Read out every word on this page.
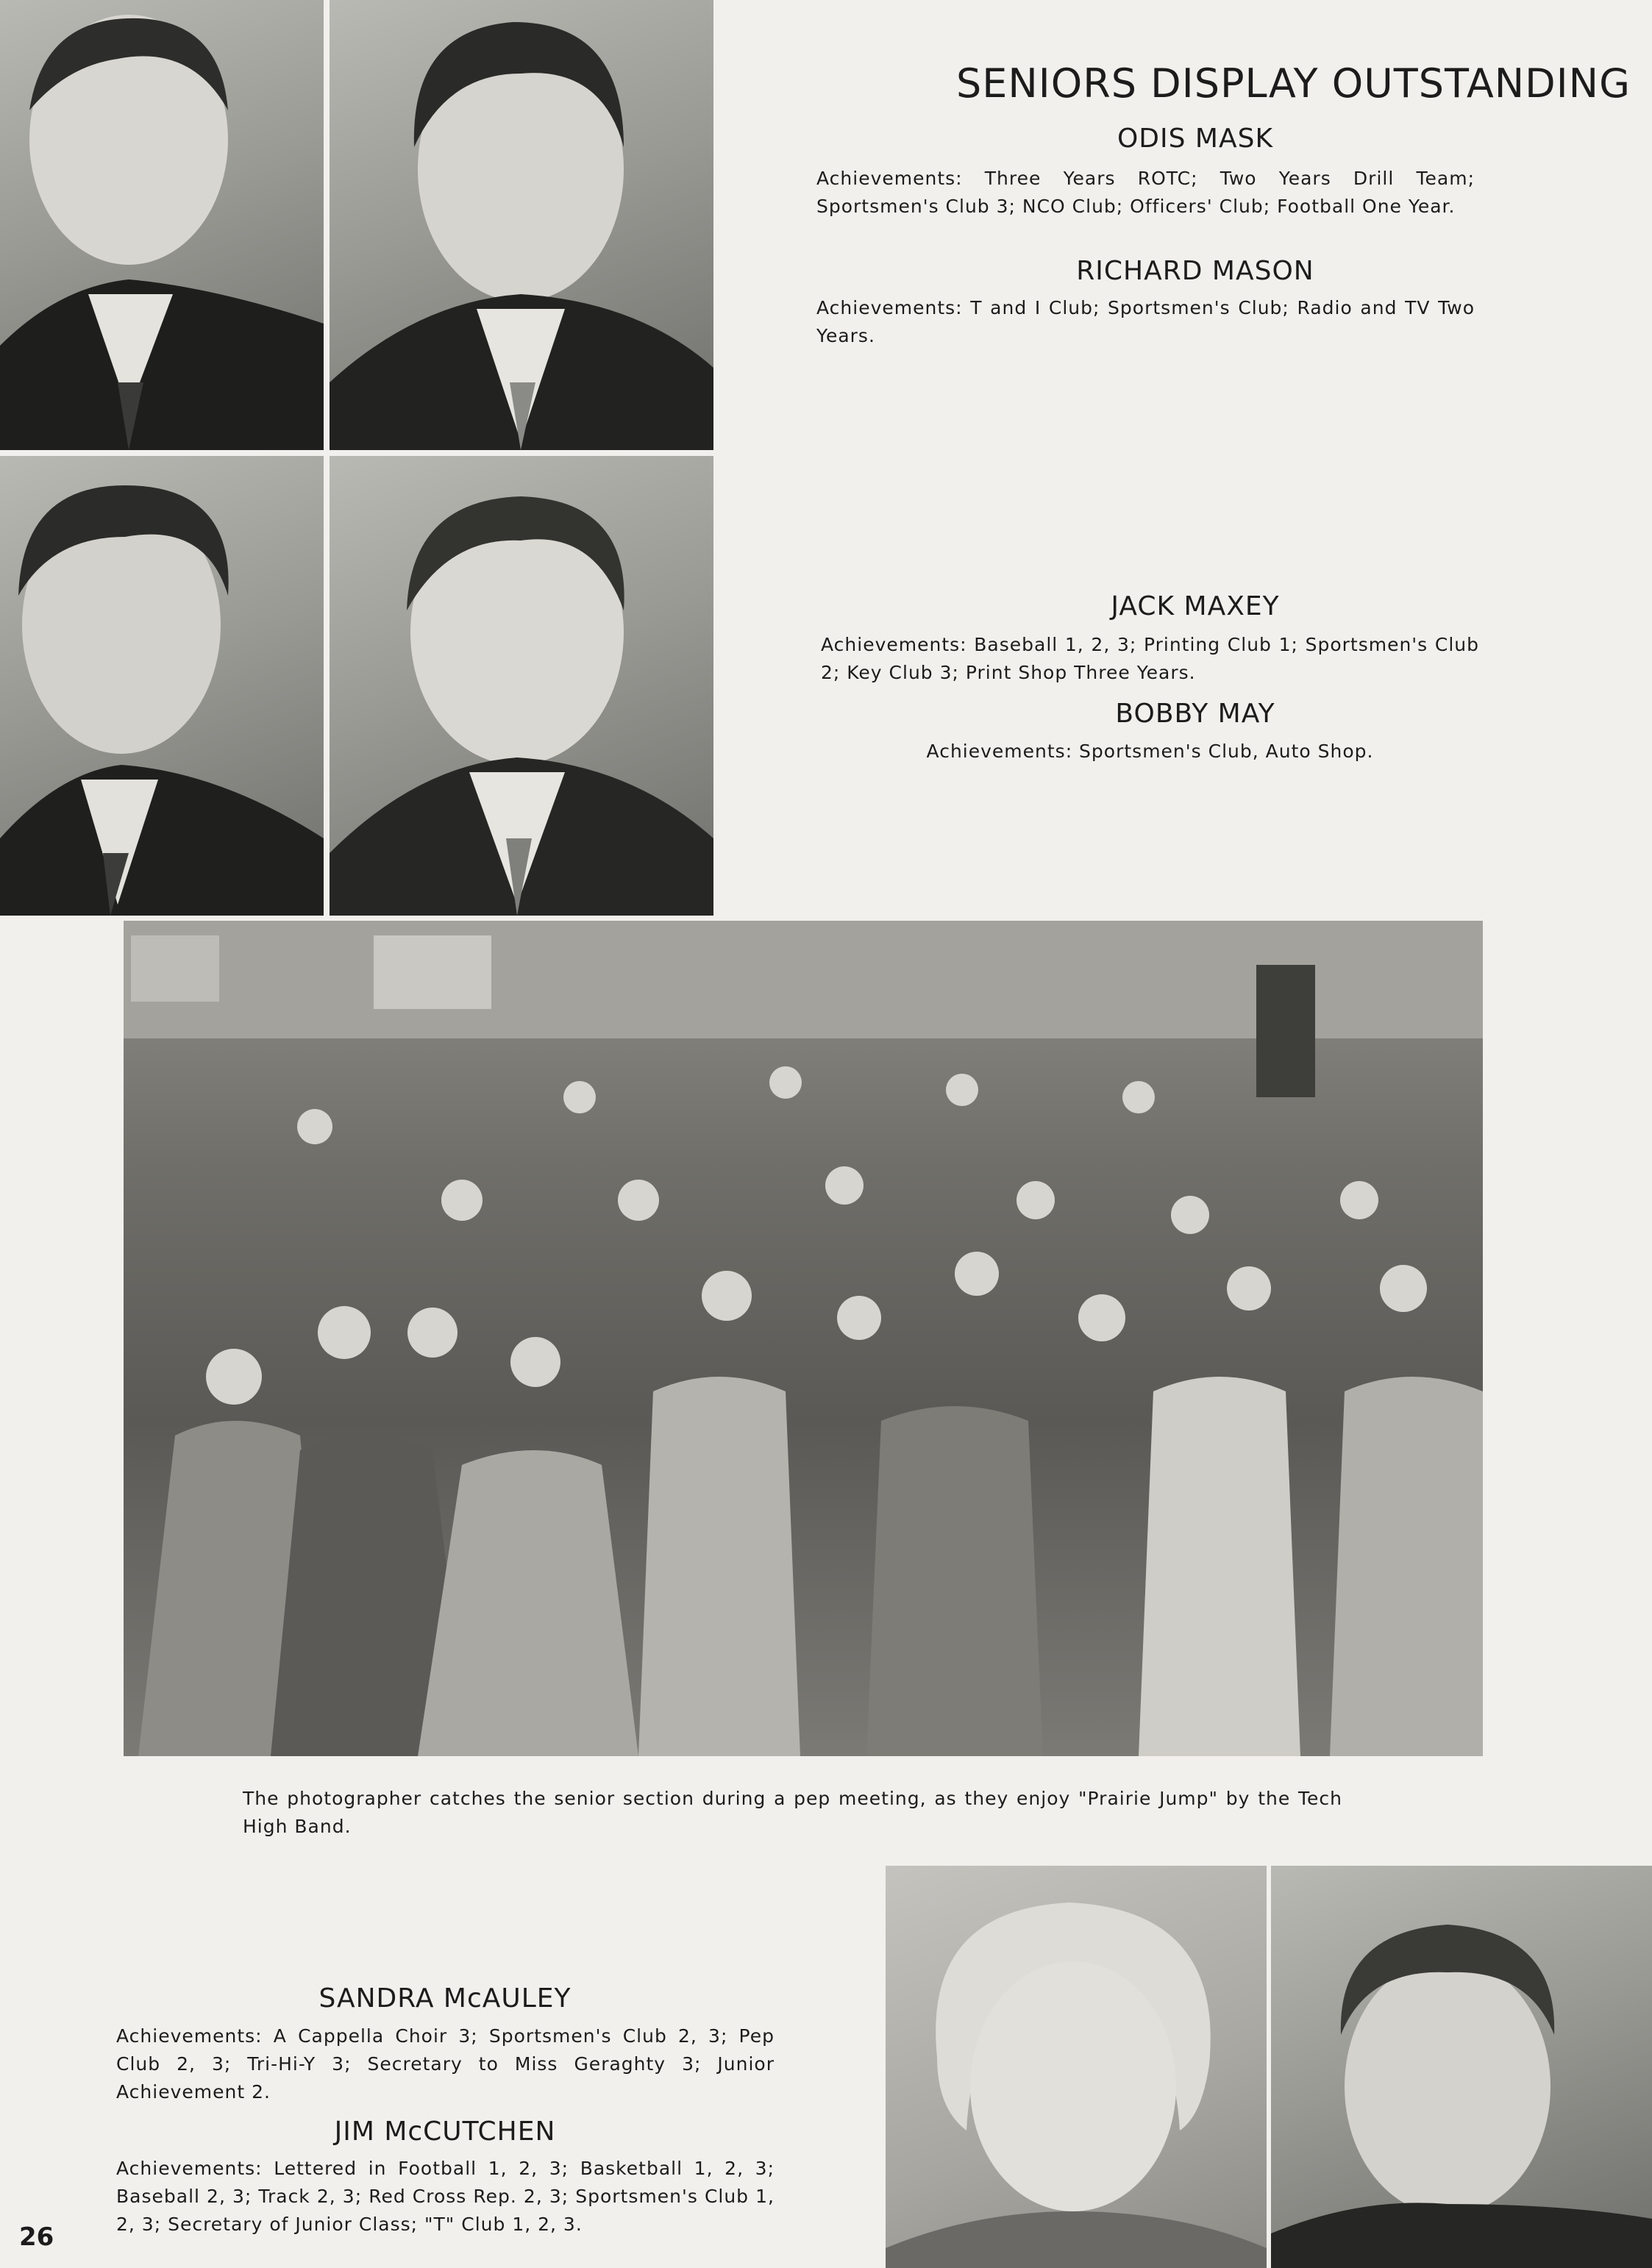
SENIORS DISPLAY OUTSTANDING
ODIS MASK
Achievements: Three Years ROTC; Two Years Drill Team; Sportsmen's Club 3; NCO Club; Officers' Club; Football One Year.
RICHARD MASON
Achievements: T and I Club; Sportsmen's Club; Radio and TV Two Years.
JACK MAXEY
Achievements: Baseball 1, 2, 3; Printing Club 1; Sportsmen's Club 2; Key Club 3; Print Shop Three Years.
BOBBY MAY
Achievements: Sportsmen's Club, Auto Shop.
The photographer catches the senior section during a pep meeting, as they enjoy "Prairie Jump" by the Tech High Band.
SANDRA McAULEY
Achievements: A Cappella Choir 3; Sportsmen's Club 2, 3; Pep Club 2, 3; Tri-Hi-Y 3; Secretary to Miss Geraghty 3; Junior Achievement 2.
JIM McCUTCHEN
Achievements: Lettered in Football 1, 2, 3; Basketball 1, 2, 3; Baseball 2, 3; Track 2, 3; Red Cross Rep. 2, 3; Sportsmen's Club 1, 2, 3; Secretary of Junior Class; "T" Club 1, 2, 3.
26
